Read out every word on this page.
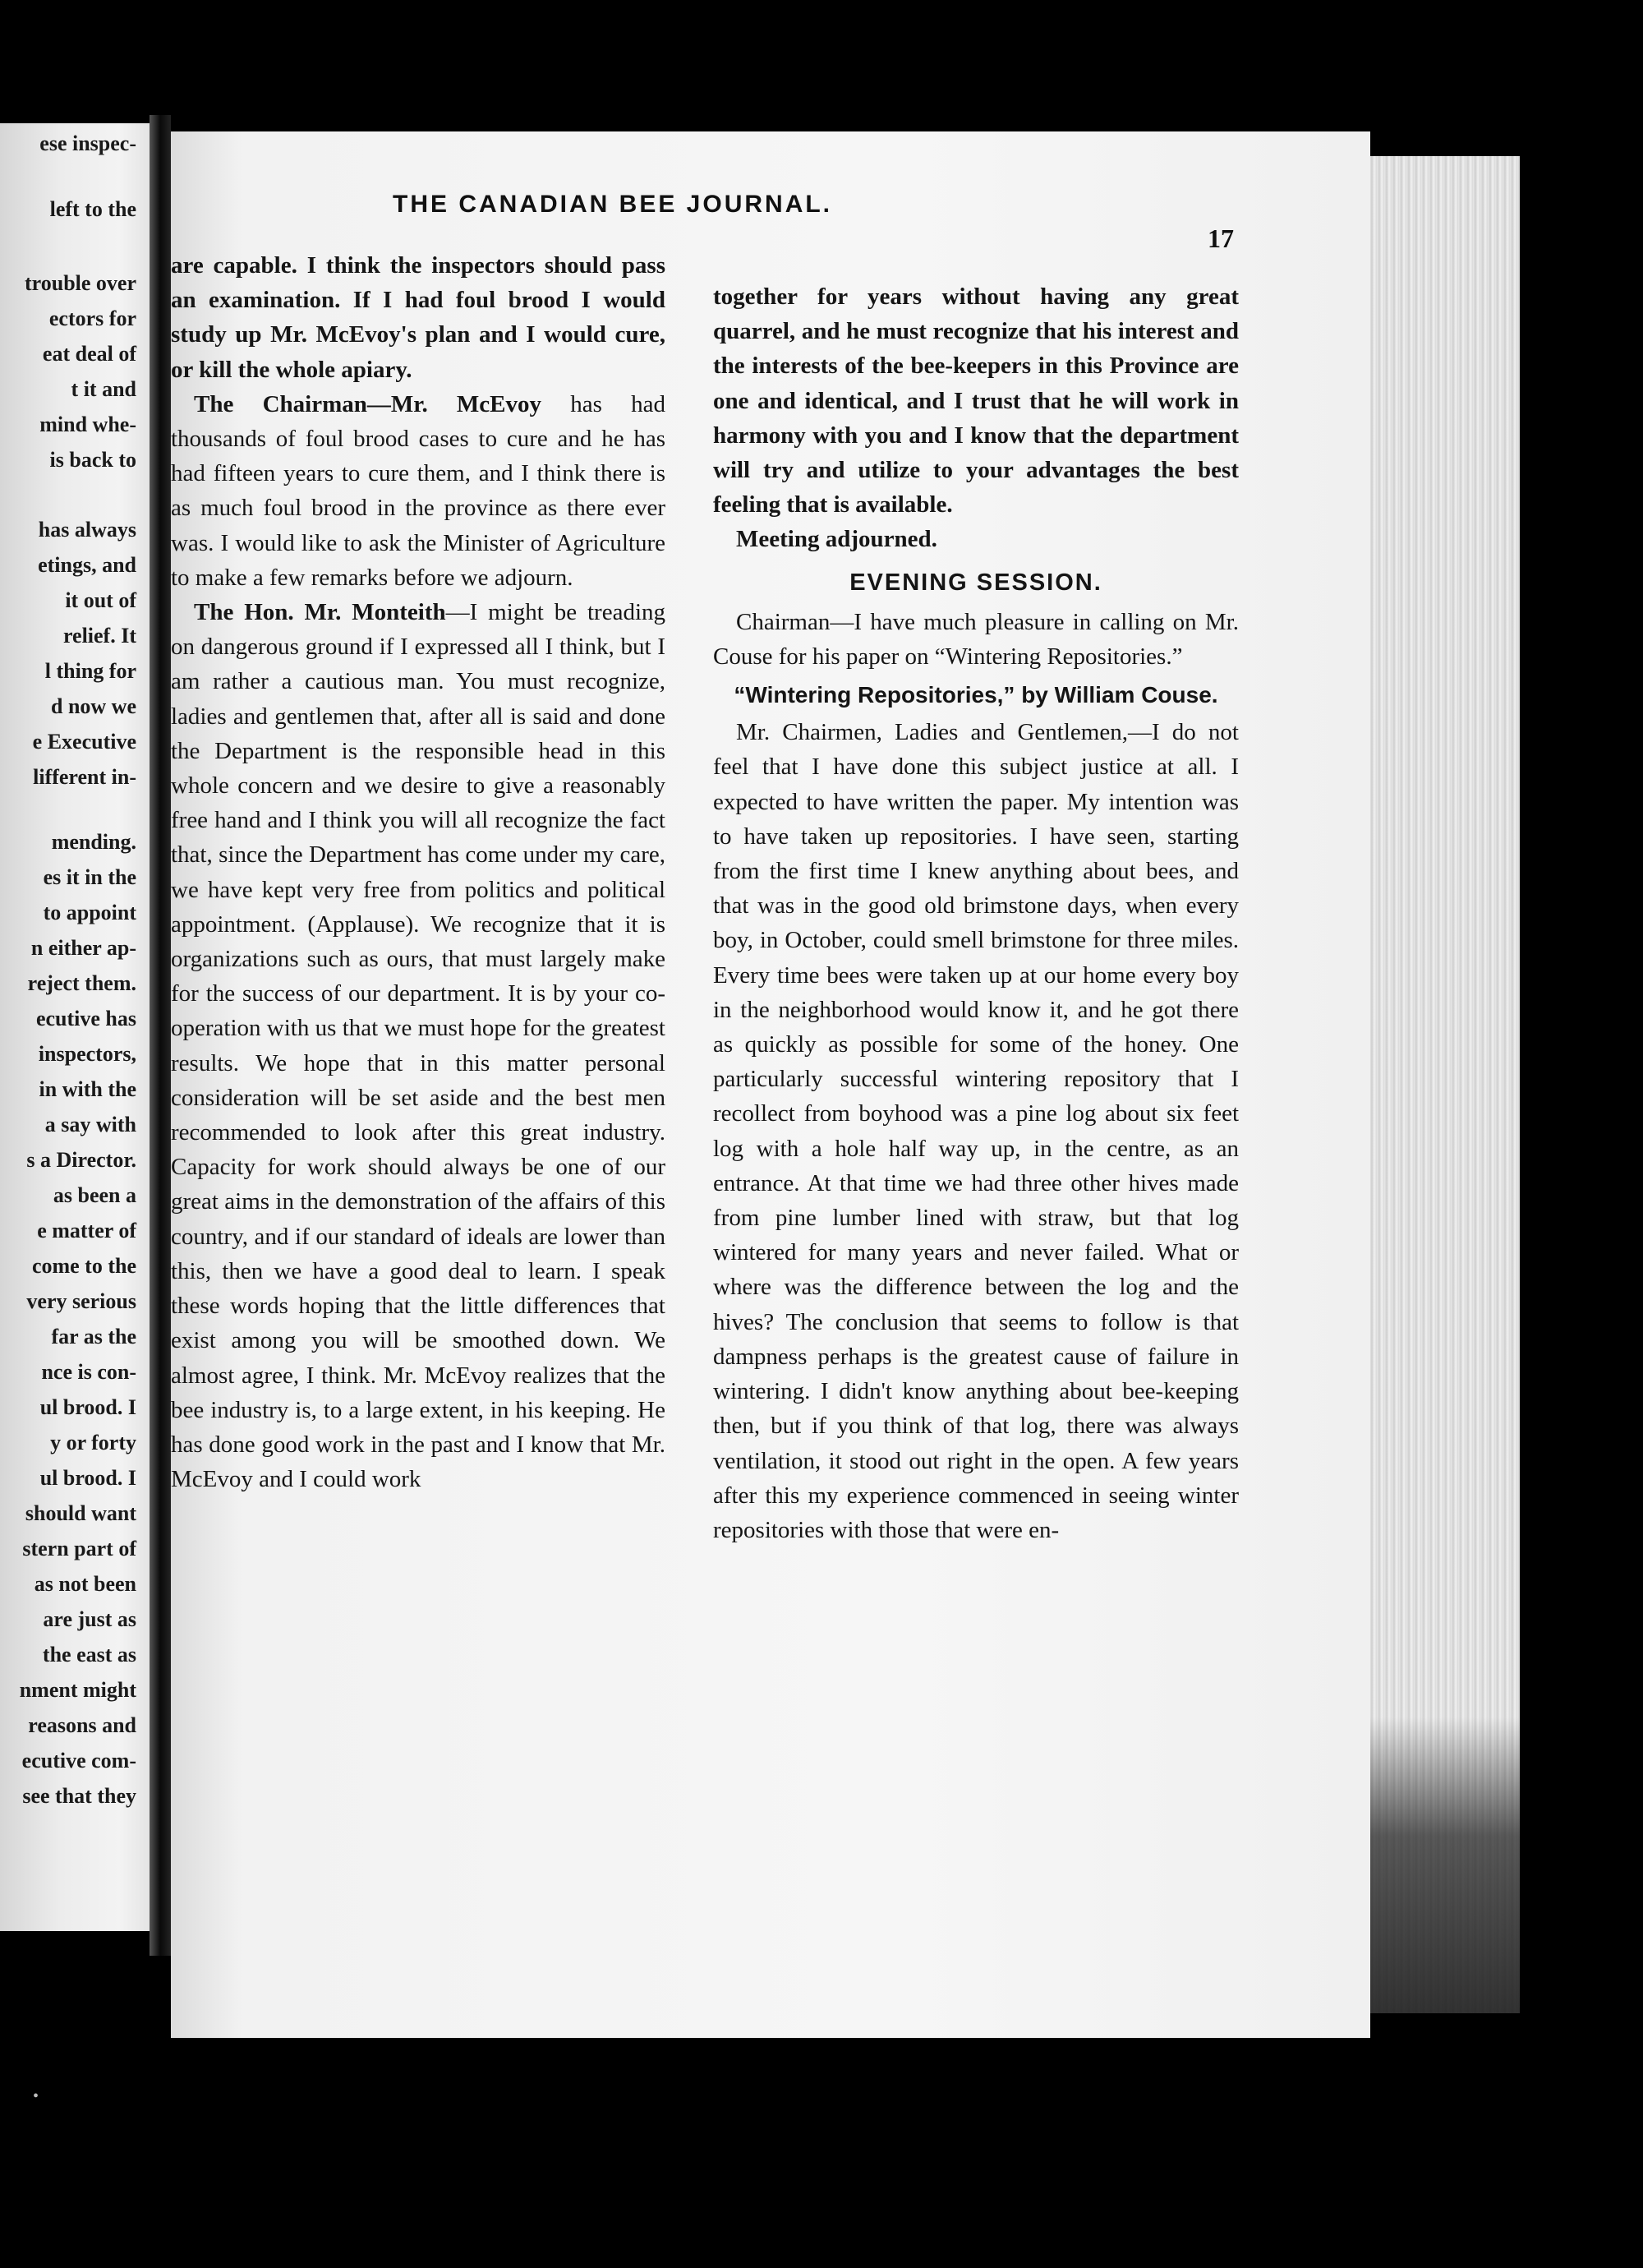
ese inspec-
left to the
trouble over
ectors for
eat deal of
t it and
mind whe-
is back to
has always
etings, and
it out of
relief. It
l thing for
d now we
e Executive
lifferent in-
mending.
es it in the
to appoint
n either ap-
reject them.
ecutive has
inspectors,
in with the
a say with
s a Director.
as been a
e matter of
come to the
very serious
far as the
nce is con-
ul brood. I
y or forty
ul brood. I
should want
stern part of
as not been
are just as
the east as
nment might
reasons and
ecutive com-
see that they
THE CANADIAN BEE JOURNAL.
17

are capable. I think the inspectors should pass an examination. If I had foul brood I would study up Mr. McEvoy's plan and I would cure, or kill the whole apiary.

The Chairman—Mr. McEvoy has had thousands of foul brood cases to cure and he has had fifteen years to cure them, and I think there is as much foul brood in the province as there ever was. I would like to ask the Minister of Agriculture to make a few remarks before we adjourn.

The Hon. Mr. Monteith—I might be treading on dangerous ground if I expressed all I think, but I am rather a cautious man. You must recognize, ladies and gentlemen that, after all is said and done the Department is the responsible head in this whole concern and we desire to give a reasonably free hand and I think you will all recognize the fact that, since the Department has come under my care, we have kept very free from politics and political appointment. (Applause). We recognize that it is organizations such as ours, that must largely make for the success of our department. It is by your co-operation with us that we must hope for the greatest results. We hope that in this matter personal consideration will be set aside and the best men recommended to look after this great industry. Capacity for work should always be one of our great aims in the demonstration of the affairs of this country, and if our standard of ideals are lower than this, then we have a good deal to learn. I speak these words hoping that the little differences that exist among you will be smoothed down. We almost agree, I think. Mr. McEvoy realizes that the bee industry is, to a large extent, in his keeping. He has done good work in the past and I know that Mr. McEvoy and I could work

together for years without having any great quarrel, and he must recognize that his interest and the interests of the bee-keepers in this Province are one and identical, and I trust that he will work in harmony with you and I know that the department will try and utilize to your advantages the best feeling that is available.

Meeting adjourned.

EVENING SESSION.

Chairman—I have much pleasure in calling on Mr. Couse for his paper on “Wintering Repositories.”

“Wintering Repositories,” by William Couse.

Mr. Chairmen, Ladies and Gentlemen,—I do not feel that I have done this subject justice at all. I expected to have written the paper. My intention was to have taken up repositories. I have seen, starting from the first time I knew anything about bees, and that was in the good old brimstone days, when every boy, in October, could smell brimstone for three miles. Every time bees were taken up at our home every boy in the neighborhood would know it, and he got there as quickly as possible for some of the honey. One particularly successful wintering repository that I recollect from boyhood was a pine log about six feet log with a hole half way up, in the centre, as an entrance. At that time we had three other hives made from pine lumber lined with straw, but that log wintered for many years and never failed. What or where was the difference between the log and the hives? The conclusion that seems to follow is that dampness perhaps is the greatest cause of failure in wintering. I didn't know anything about bee-keeping then, but if you think of that log, there was always ventilation, it stood out right in the open. A few years after this my experience commenced in seeing winter repositories with those that were en-

•
